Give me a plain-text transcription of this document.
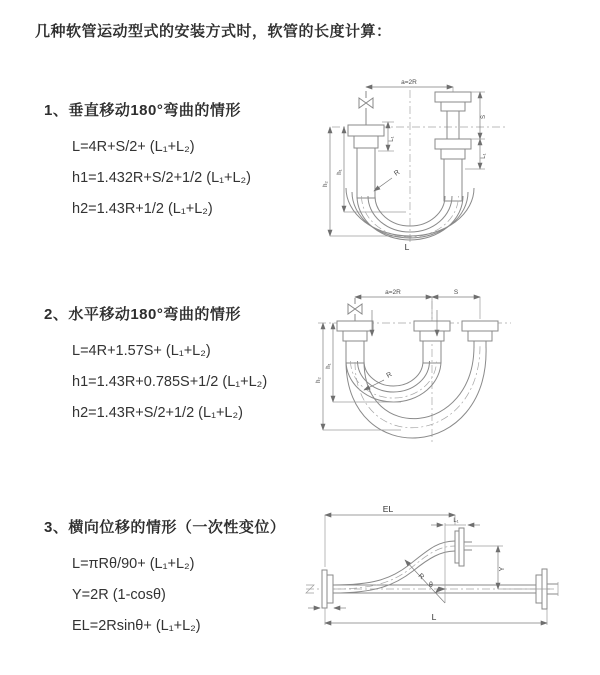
几种软管运动型式的安装方式时，软管的长度计算：
1、垂直移动180°弯曲的情形
L=4R+S/2+ (L₁+L₂)
h1=1.432R+S/2+1/2 (L₁+L₂)
h2=1.43R+1/2 (L₁+L₂)
2、水平移动180°弯曲的情形
L=4R+1.57S+ (L₁+L₂)
h1=1.43R+0.785S+1/2 (L₁+L₂)
h2=1.43R+S/2+1/2 (L₁+L₂)
3、横向位移的情形（一次性变位）
L=πRθ/90+ (L₁+L₂)
Y=2R (1-cosθ)
EL=2Rsinθ+ (L₁+L₂)
a=2R
L₁
S
L₁
h₁
h₂
R
L
a=2R	S
R
h₁
h₂
EL
L₁
R
θ
Y
L
